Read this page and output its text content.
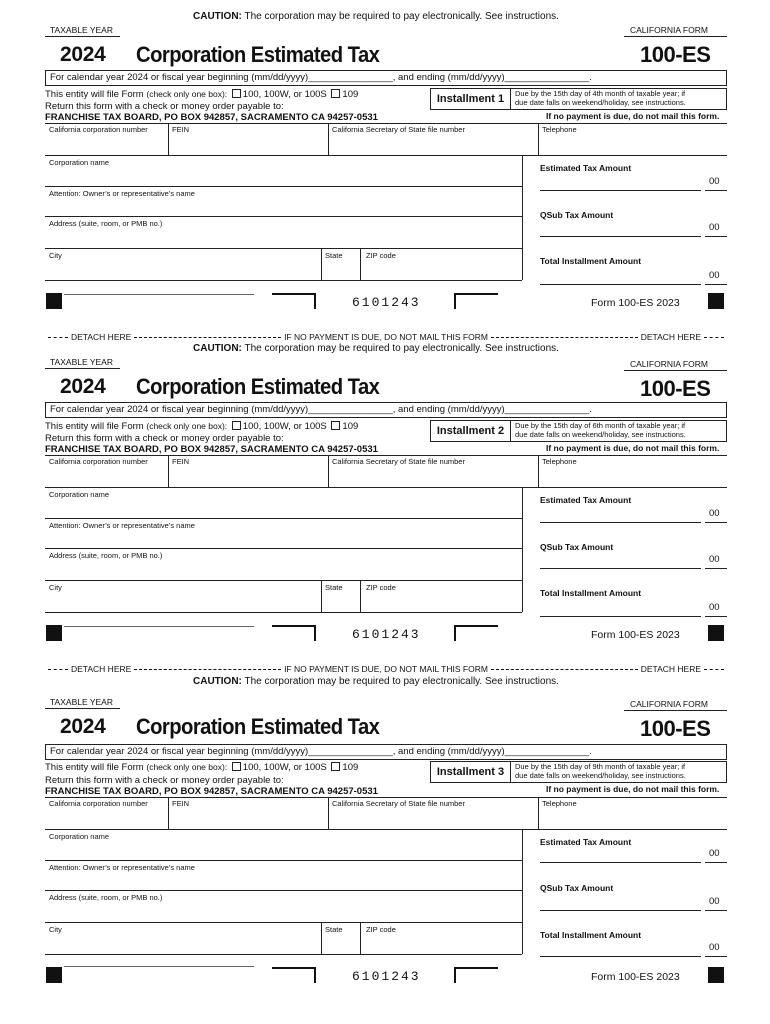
CAUTION: The corporation may be required to pay electronically. See instructions.
TAXABLE YEAR	CALIFORNIA FORM
2024 Corporation Estimated Tax	100-ES
For calendar year 2024 or fiscal year beginning (mm/dd/yyyy)________________, and ending (mm/dd/yyyy)________________.
This entity will file Form (check only one box): 100, 100W, or 100S 109
Return this form with a check or money order payable to:
FRANCHISE TAX BOARD, PO BOX 942857, SACRAMENTO CA 94257-0531
Installment 1	Due by the 15th day of 4th month of taxable year; if
due date falls on weekend/holiday, see instructions.
If no payment is due, do not mail this form.
California corporation number	FEIN	California Secretary of State file number	Telephone
Corporation name
Attention: Owner’s or representative’s name
Address (suite, room, or PMB no.)
City	State	ZIP code
Estimated Tax Amount
00
QSub Tax Amount
00
Total Installment Amount
00
6101243	Form 100-ES 2023
DETACH HERE	IF NO PAYMENT IS DUE, DO NOT MAIL THIS FORM	DETACH HERE
CAUTION: The corporation may be required to pay electronically. See instructions.
TAXABLE YEAR	CALIFORNIA FORM
2024 Corporation Estimated Tax	100-ES
For calendar year 2024 or fiscal year beginning (mm/dd/yyyy)________________, and ending (mm/dd/yyyy)________________.
This entity will file Form (check only one box): 100, 100W, or 100S 109
Return this form with a check or money order payable to:
FRANCHISE TAX BOARD, PO BOX 942857, SACRAMENTO CA 94257-0531
Installment 2	Due by the 15th day of 6th month of taxable year; if
due date falls on weekend/holiday, see instructions.
If no payment is due, do not mail this form.
California corporation number	FEIN	California Secretary of State file number	Telephone
Corporation name
Attention: Owner’s or representative’s name
Address (suite, room, or PMB no.)
City	State	ZIP code
Estimated Tax Amount
00
QSub Tax Amount
00
Total Installment Amount
00
6101243	Form 100-ES 2023
DETACH HERE	IF NO PAYMENT IS DUE, DO NOT MAIL THIS FORM	DETACH HERE
CAUTION: The corporation may be required to pay electronically. See instructions.
TAXABLE YEAR	CALIFORNIA FORM
2024 Corporation Estimated Tax	100-ES
For calendar year 2024 or fiscal year beginning (mm/dd/yyyy)________________, and ending (mm/dd/yyyy)________________.
This entity will file Form (check only one box): 100, 100W, or 100S 109
Return this form with a check or money order payable to:
FRANCHISE TAX BOARD, PO BOX 942857, SACRAMENTO CA 94257-0531
Installment 3	Due by the 15th day of 9th month of taxable year; if
due date falls on weekend/holiday, see instructions.
If no payment is due, do not mail this form.
California corporation number	FEIN	California Secretary of State file number	Telephone
Corporation name
Attention: Owner’s or representative’s name
Address (suite, room, or PMB no.)
City	State	ZIP code
Estimated Tax Amount
00
QSub Tax Amount
00
Total Installment Amount
00
6101243	Form 100-ES 2023
